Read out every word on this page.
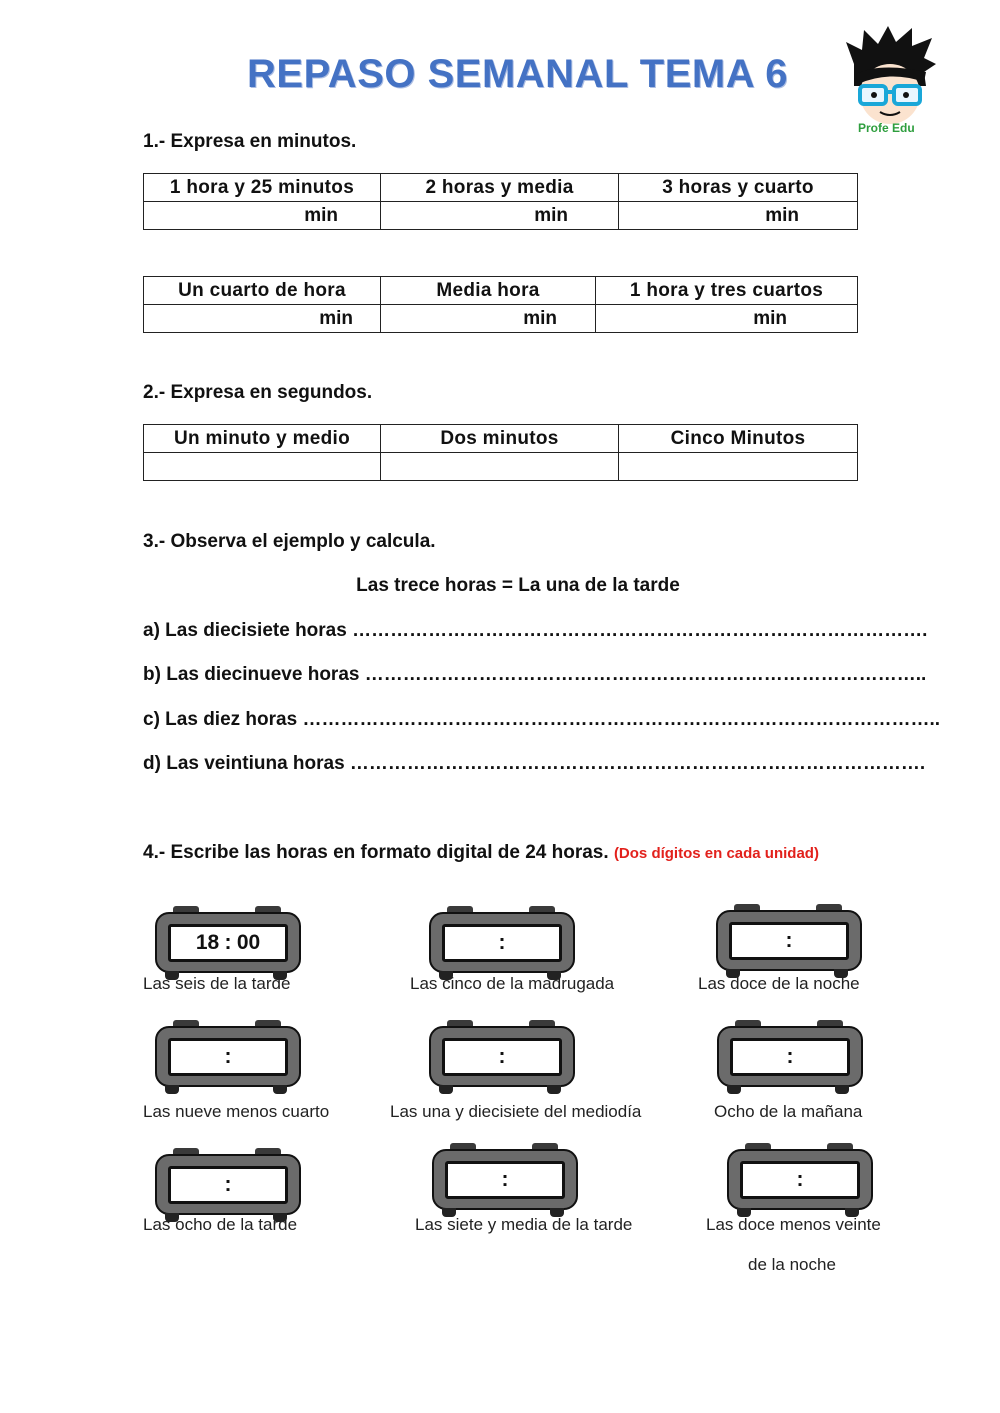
REPASO SEMANAL TEMA 6
Profe Edu
1.- Expresa en minutos.
1 hora y 25 minutos	2 horas y media	3 horas y cuarto
min	min	min
Un cuarto de hora	Media hora	1 hora y tres cuartos
min	min	min
2.- Expresa en segundos.
Un minuto y medio	Dos minutos	Cinco Minutos

3.- Observa el ejemplo y calcula.
Las trece horas = La una de la tarde
a) Las diecisiete horas ……………………………………………………………………………….
b) Las diecinueve horas ……………………………………………………………………………..
c) Las diez horas ………………………………………………………………………………………..
d) Las veintiuna horas ……………………………………………………………………………….
4.- Escribe las horas en formato digital de 24 horas. (Dos dígitos en cada unidad)
18 : 00
Las seis de la tarde
:
Las cinco de la madrugada
:
Las doce de la noche
:
Las nueve menos cuarto
:
Las una y diecisiete del mediodía
:
Ocho de la mañana
:
Las ocho de la tarde
:
Las siete y media de la tarde
:
Las doce menos veinte
de la noche
